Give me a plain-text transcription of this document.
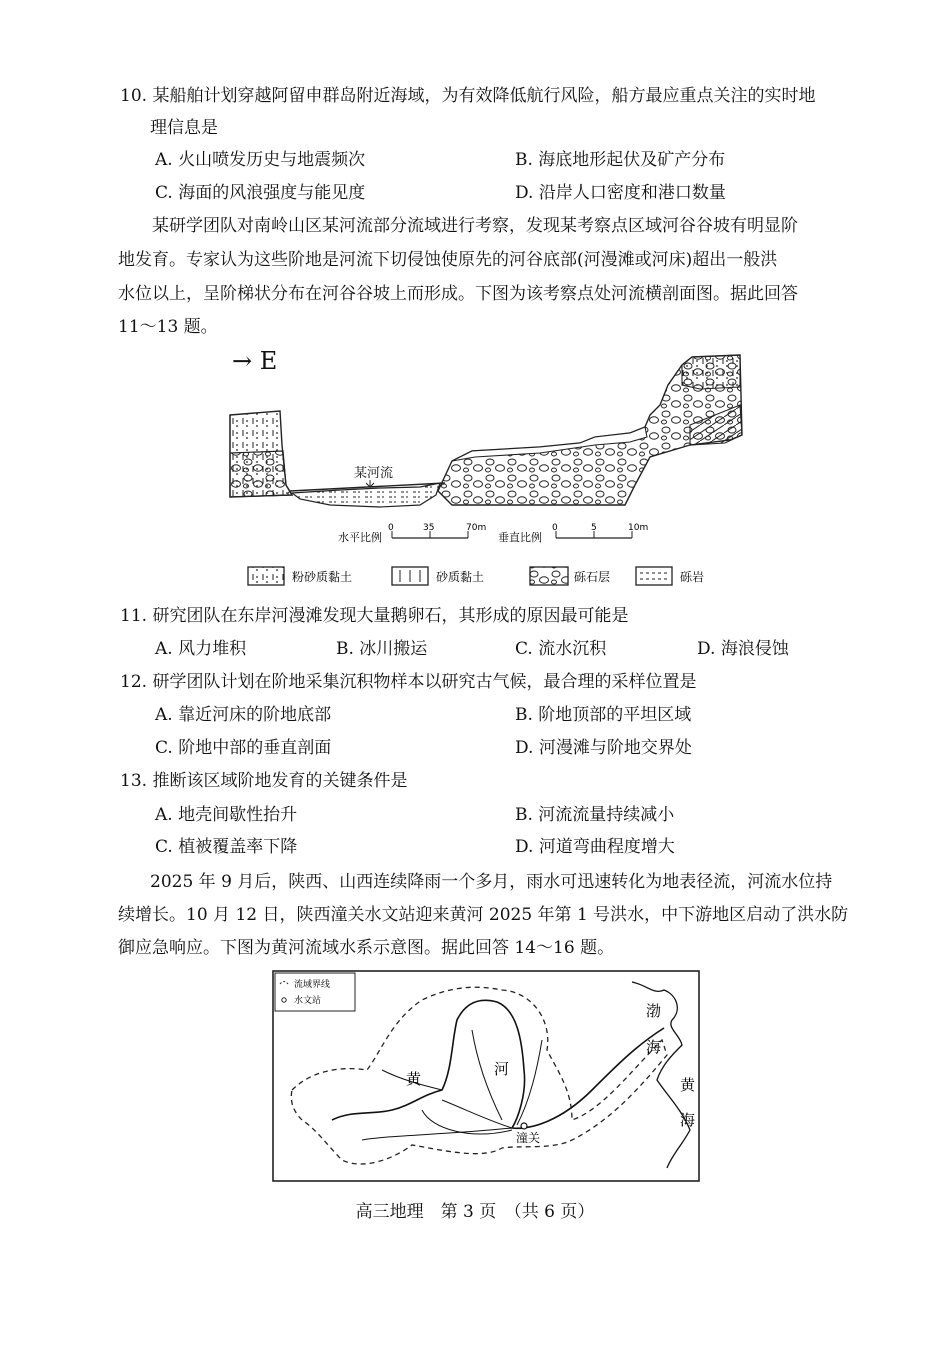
10. 某船舶计划穿越阿留申群岛附近海域，为有效降低航行风险，船方最应重点关注的实时地
理信息是
A. 火山喷发历史与地震频次	B. 海底地形起伏及矿产分布
C. 海面的风浪强度与能见度	D. 沿岸人口密度和港口数量
某研学团队对南岭山区某河流部分流域进行考察，发现某考察点区域河谷谷坡有明显阶
地发育。专家认为这些阶地是河流下切侵蚀使原先的河谷底部(河漫滩或河床)超出一般洪
水位以上，呈阶梯状分布在河谷谷坡上而形成。下图为该考察点处河流横剖面图。据此回答
11～13 题。
→ E
某河流
水平比例
0	35	70m
垂直比例
0	5	10m
粉砂质黏土	砂质黏土	砾石层	砾岩
11. 研究团队在东岸河漫滩发现大量鹅卵石，其形成的原因最可能是
A. 风力堆积	B. 冰川搬运	C. 流水沉积	D. 海浪侵蚀
12. 研学团队计划在阶地采集沉积物样本以研究古气候，最合理的采样位置是
A. 靠近河床的阶地底部	B. 阶地顶部的平坦区域
C. 阶地中部的垂直剖面	D. 河漫滩与阶地交界处
13. 推断该区域阶地发育的关键条件是
A. 地壳间歇性抬升	B. 河流流量持续减小
C. 植被覆盖率下降	D. 河道弯曲程度增大
2025 年 9 月后，陕西、山西连续降雨一个多月，雨水可迅速转化为地表径流，河流水位持
续增长。10 月 12 日，陕西潼关水文站迎来黄河 2025 年第 1 号洪水，中下游地区启动了洪水防
御应急响应。下图为黄河流域水系示意图。据此回答 14～16 题。
流域界线
水文站
潼关
黄
河
渤
海
黄
海
高三地理　第 3 页　（共 6 页）
